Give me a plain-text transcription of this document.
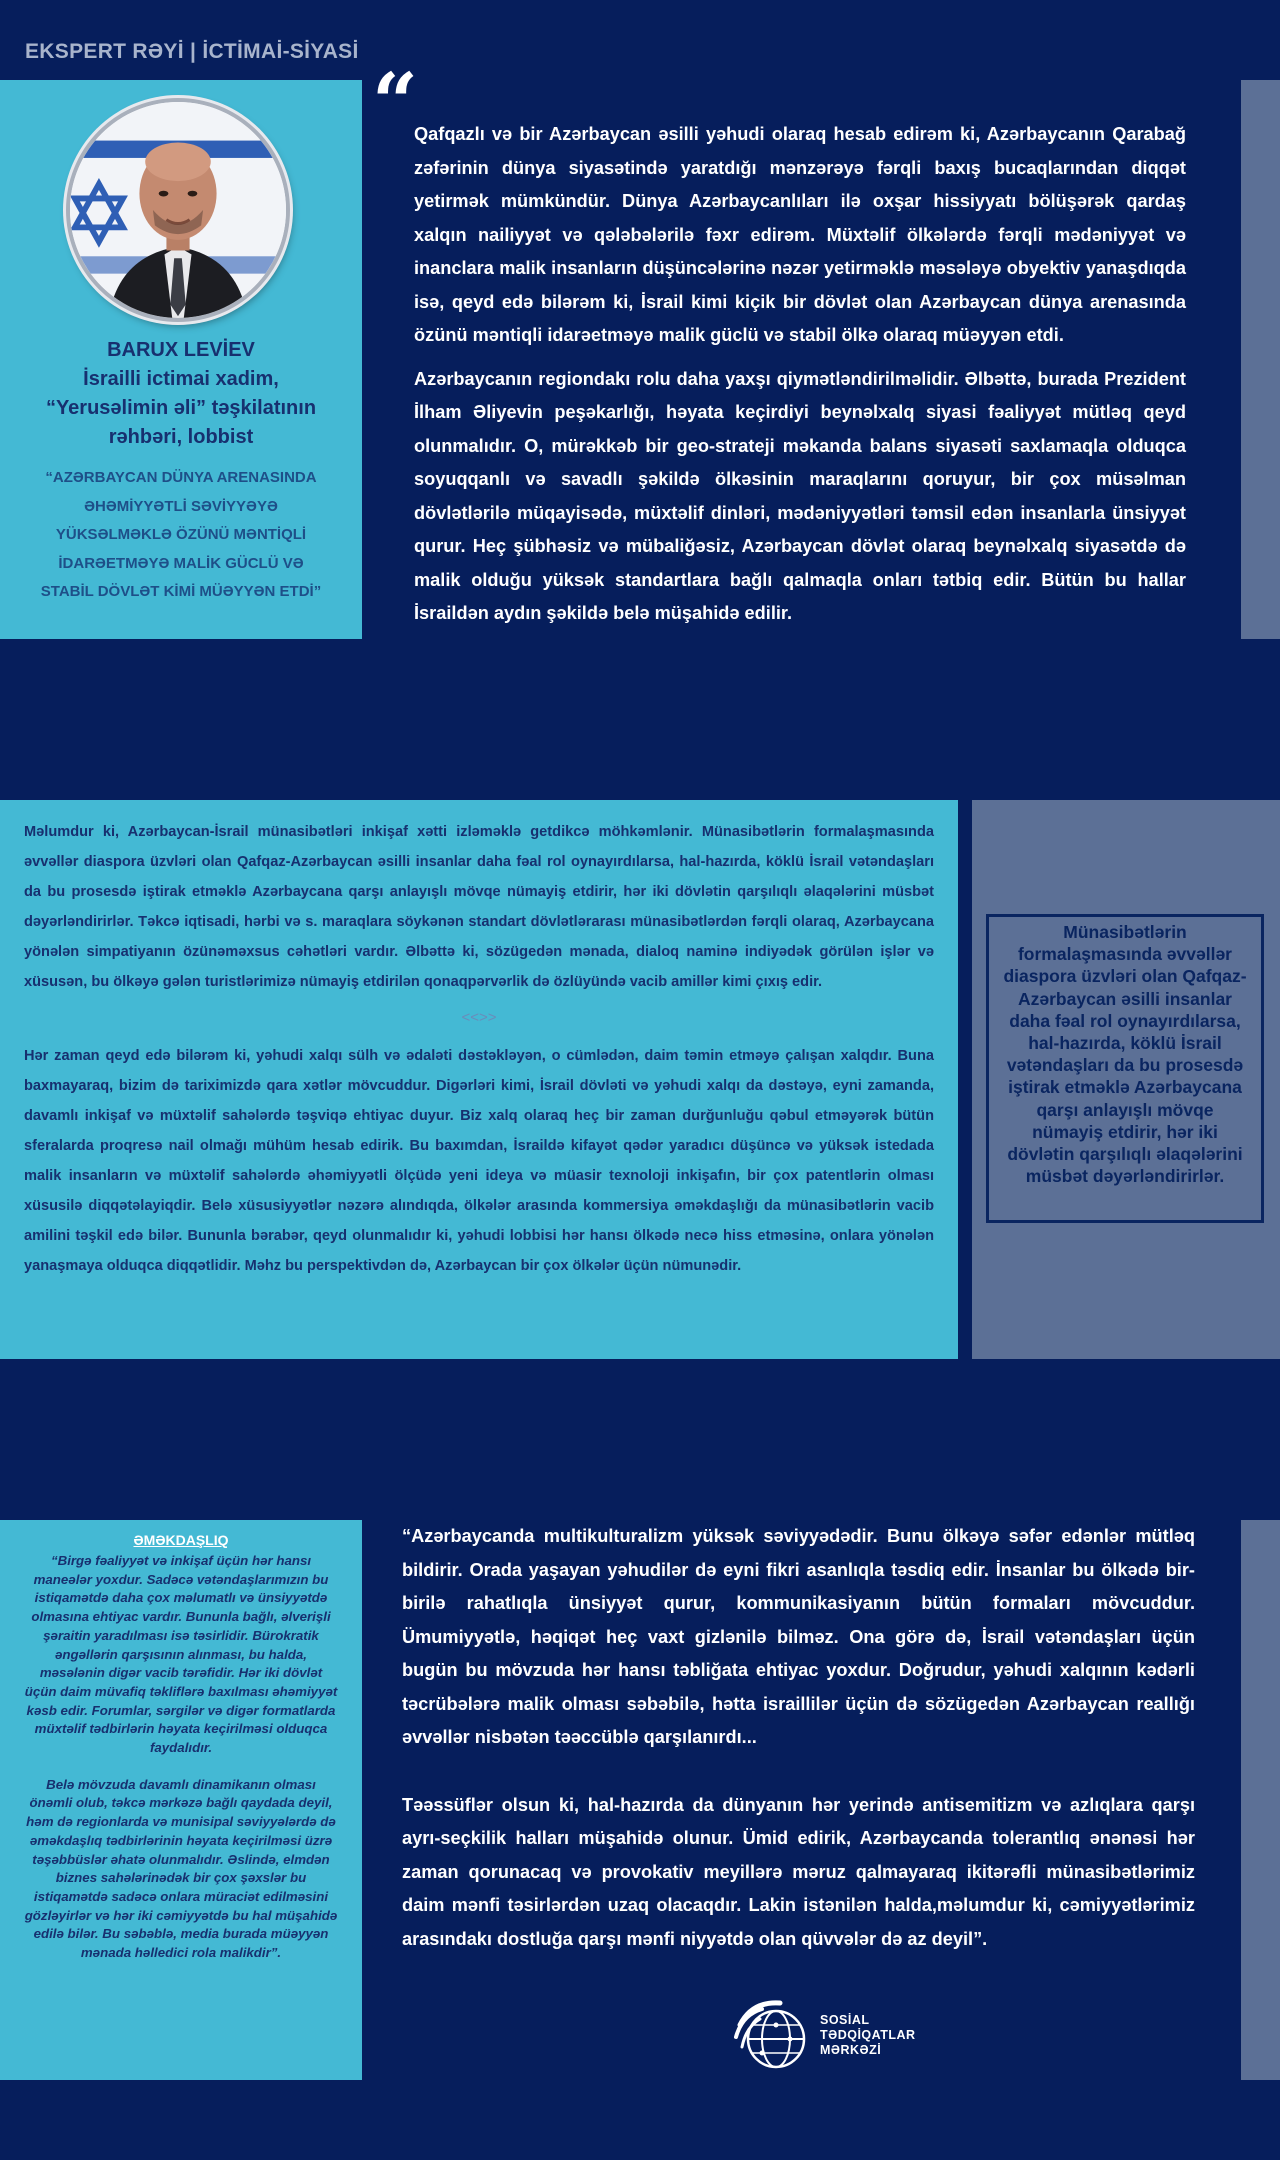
EKSPERT RƏYİ | İCTİMAİ-SİYASİ
BARUX LEVİEV
İsrailli ictimai xadim,
“Yerusəlimin əli” təşkilatının
rəhbəri, lobbist
“AZƏRBAYCAN DÜNYA ARENASINDA
ƏHƏMİYYƏTLİ SƏVİYYƏYƏ
YÜKSƏLMƏKLƏ ÖZÜNÜ MƏNTİQLİ
İDARƏETMƏYƏ MALİK GÜCLÜ VƏ
STABİL DÖVLƏT KİMİ MÜƏYYƏN ETDİ”
“

Qafqazlı və bir Azərbaycan əsilli yəhudi olaraq hesab edirəm ki, Azərbaycanın Qarabağ zəfərinin dünya siyasətində yaratdığı mənzərəyə fərqli baxış bucaqlarından diqqət yetirmək mümkündür. Dünya Azərbaycanlıları ilə oxşar hissiyyatı bölüşərək qardaş xalqın nailiyyət və qələbələrilə fəxr edirəm. Müxtəlif ölkələrdə fərqli mədəniyyət və inanclara malik insanların düşüncələrinə nəzər yetirməklə məsələyə obyektiv yanaşdıqda isə, qeyd edə bilərəm ki, İsrail kimi kiçik bir dövlət olan Azərbaycan dünya arenasında özünü məntiqli idarəetməyə malik güclü və stabil ölkə olaraq müəyyən etdi.

Azərbaycanın regiondakı rolu daha yaxşı qiymətləndirilməlidir. Əlbəttə, burada Prezident İlham Əliyevin peşəkarlığı, həyata keçirdiyi beynəlxalq siyasi fəaliyyət mütləq qeyd olunmalıdır. O, mürəkkəb bir geo-strateji məkanda balans siyasəti saxlamaqla olduqca soyuqqanlı və savadlı şəkildə ölkəsinin maraqlarını qoruyur, bir çox müsəlman dövlətlərilə müqayisədə, müxtəlif dinləri, mədəniyyətləri təmsil edən insanlarla ünsiyyət qurur. Heç şübhəsiz və mübaliğəsiz, Azərbaycan dövlət olaraq beynəlxalq siyasətdə də malik olduğu yüksək standartlara bağlı qalmaqla onları tətbiq edir. Bütün bu hallar İsraildən aydın şəkildə belə müşahidə edilir.

Məlumdur ki, Azərbaycan-İsrail münasibətləri inkişaf xətti izləməklə getdikcə möhkəmlənir. Münasibətlərin formalaşmasında əvvəllər diaspora üzvləri olan Qafqaz-Azərbaycan əsilli insanlar daha fəal rol oynayırdılarsa, hal-hazırda, köklü İsrail vətəndaşları da bu prosesdə iştirak etməklə Azərbaycana qarşı anlayışlı mövqe nümayiş etdirir, hər iki dövlətin qarşılıqlı əlaqələrini müsbət dəyərləndirirlər. Təkcə iqtisadi, hərbi və s. maraqlara söykənən standart dövlətlərarası münasibətlərdən fərqli olaraq, Azərbaycana yönələn simpatiyanın özünəməxsus cəhətləri vardır. Əlbəttə ki, sözügedən mənada, dialoq naminə indiyədək görülən işlər və xüsusən, bu ölkəyə gələn turistlərimizə nümayiş etdirilən qonaqpərvərlik də özlüyündə vacib amillər kimi çıxış edir.

<<>>

Hər zaman qeyd edə bilərəm ki, yəhudi xalqı sülh və ədaləti dəstəkləyən, o cümlədən, daim təmin etməyə çalışan xalqdır. Buna baxmayaraq, bizim də tariximizdə qara xətlər mövcuddur. Digərləri kimi, İsrail dövləti və yəhudi xalqı da dəstəyə, eyni zamanda, davamlı inkişaf və müxtəlif sahələrdə təşviqə ehtiyac duyur. Biz xalq olaraq heç bir zaman durğunluğu qəbul etməyərək bütün sferalarda proqresə nail olmağı mühüm hesab edirik. Bu baxımdan, İsraildə kifayət qədər yaradıcı düşüncə və yüksək istedada malik insanların və müxtəlif sahələrdə əhəmiyyətli ölçüdə yeni ideya və müasir texnoloji inkişafın, bir çox patentlərin olması xüsusilə diqqətəlayiqdir. Belə xüsusiyyətlər nəzərə alındıqda, ölkələr arasında kommersiya əməkdaşlığı da münasibətlərin vacib amilini təşkil edə bilər. Bununla bərabər, qeyd olunmalıdır ki, yəhudi lobbisi hər hansı ölkədə necə hiss etməsinə, onlara yönələn yanaşmaya olduqca diqqətlidir. Məhz bu perspektivdən də, Azərbaycan bir çox ölkələr üçün nümunədir.

Münasibətlərin formalaşmasında əvvəllər diaspora üzvləri olan Qafqaz-Azərbaycan əsilli insanlar daha fəal rol oynayırdılarsa, hal-hazırda, köklü İsrail vətəndaşları da bu prosesdə iştirak etməklə Azərbaycana qarşı anlayışlı mövqe nümayiş etdirir, hər iki dövlətin qarşılıqlı əlaqələrini müsbət dəyərləndirirlər.
ƏMƏKDAŞLIQ

“Birgə fəaliyyət və inkişaf üçün hər hansı maneələr yoxdur. Sadəcə vətəndaşlarımızın bu istiqamətdə daha çox məlumatlı və ünsiyyətdə olmasına ehtiyac vardır. Bununla bağlı, əlverişli şəraitin yaradılması isə təsirlidir. Bürokratik əngəllərin qarşısının alınması, bu halda, məsələnin digər vacib tərəfidir. Hər iki dövlət üçün daim müvafiq təkliflərə baxılması əhəmiyyət kəsb edir. Forumlar, sərgilər və digər formatlarda müxtəlif tədbirlərin həyata keçirilməsi olduqca faydalıdır.

Belə mövzuda davamlı dinamikanın olması önəmli olub, təkcə mərkəzə bağlı qaydada deyil, həm də regionlarda və munisipal səviyyələrdə də əməkdaşlıq tədbirlərinin həyata keçirilməsi üzrə təşəbbüslər əhatə olunmalıdır. Əslində, elmdən biznes sahələrinədək bir çox şəxslər bu istiqamətdə sadəcə onlara müraciət edilməsini gözləyirlər və hər iki cəmiyyətdə bu hal müşahidə edilə bilər. Bu səbəblə, media burada müəyyən mənada həlledici rola malikdir”.

“Azərbaycanda multikulturalizm yüksək səviyyədədir. Bunu ölkəyə səfər edənlər mütləq bildirir. Orada yaşayan yəhudilər də eyni fikri asanlıqla təsdiq edir. İnsanlar bu ölkədə bir-birilə rahatlıqla ünsiyyət qurur, kommunikasiyanın bütün formaları mövcuddur. Ümumiyyətlə, həqiqət heç vaxt gizlənilə bilməz. Ona görə də, İsrail vətəndaşları üçün bugün bu mövzuda hər hansı təbliğata ehtiyac yoxdur. Doğrudur, yəhudi xalqının kədərli təcrübələrə malik olması səbəbilə, hətta israillilər üçün də sözügedən Azərbaycan reallığı əvvəllər nisbətən təəccüblə qarşılanırdı...

Təəssüflər olsun ki, hal-hazırda da dünyanın hər yerində antisemitizm və azlıqlara qarşı ayrı-seçkilik halları müşahidə olunur. Ümid edirik, Azərbaycanda tolerantlıq ənənəsi hər zaman qorunacaq və provokativ meyillərə məruz qalmayaraq ikitərəfli münasibətlərimiz daim mənfi təsirlərdən uzaq olacaqdır. Lakin istənilən halda,məlumdur ki, cəmiyyətlərimiz arasındakı dostluğa qarşı mənfi niyyətdə olan qüvvələr də az deyil”.

SOSİAL
TƏDQİQATLAR
MƏRKƏZİ
